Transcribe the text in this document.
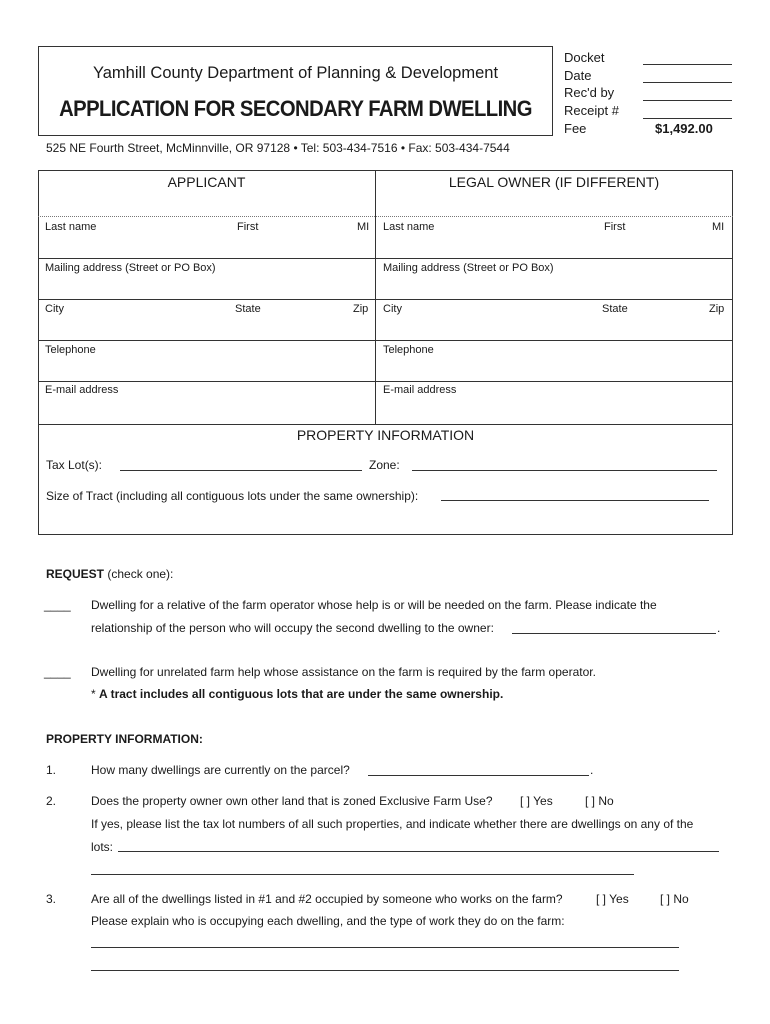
Yamhill County Department of Planning & Development
APPLICATION FOR SECONDARY FARM DWELLING
525 NE Fourth Street, McMinnville, OR 97128 • Tel: 503-434-7516 • Fax: 503-434-7544
Docket
Date
Rec'd by
Receipt #
Fee	$1,492.00
APPLICANT	LEGAL OWNER (IF DIFFERENT)
Last name	First	MI Last name	First	MI
Mailing address (Street or PO Box)	Mailing address (Street or PO Box)
City	State	Zip City	State	Zip
Telephone	Telephone
E-mail address	E-mail address
PROPERTY INFORMATION
Tax Lot(s):	Zone:
Size of Tract (including all contiguous lots under the same ownership):
REQUEST (check one):
____ Dwelling for a relative of the farm operator whose help is or will be needed on the farm. Please indicate the
relationship of the person who will occupy the second dwelling to the owner:	.
____ Dwelling for unrelated farm help whose assistance on the farm is required by the farm operator.
* A tract includes all contiguous lots that are under the same ownership.
PROPERTY INFORMATION:
1.	How many dwellings are currently on the parcel?	.
2.	Does the property owner own other land that is zoned Exclusive Farm Use? [ ] Yes	[ ] No
If yes, please list the tax lot numbers of all such properties, and indicate whether there are dwellings on any of the
lots:
3.	Are all of the dwellings listed in #1 and #2 occupied by someone who works on the farm?	[ ] Yes	[ ] No
Please explain who is occupying each dwelling, and the type of work they do on the farm:
